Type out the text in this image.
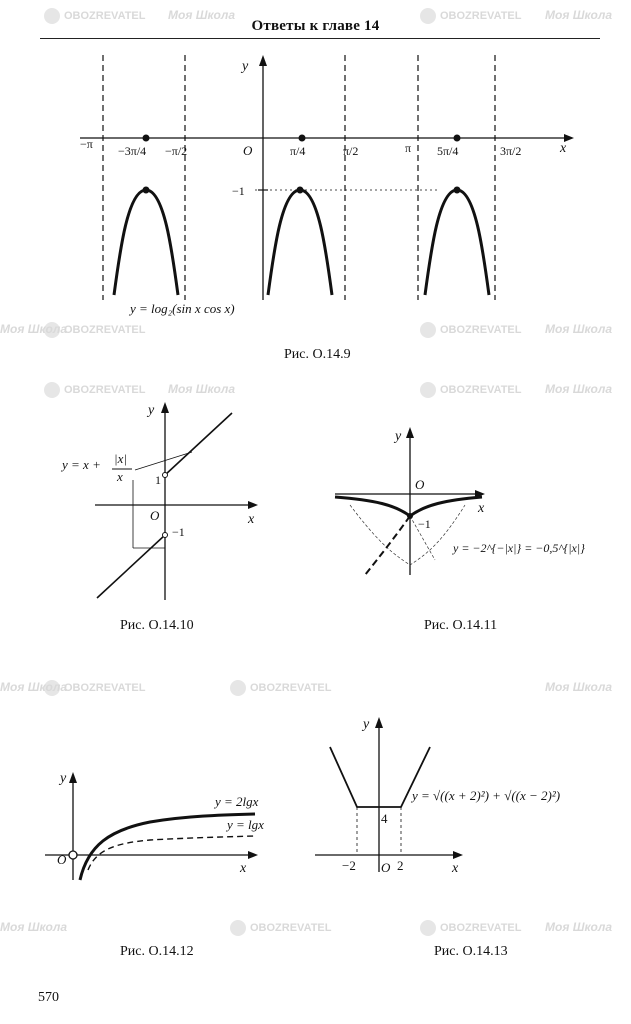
OBOZREVATEL Моя Школа	OBOZREVATEL Моя Школа
OBOZREVATEL
Моя Школа	OBOZREVATEL Моя Школа
OBOZREVATEL Моя Школа	OBOZREVATEL Моя Школа
OBOZREVATEL
Моя Школа	OBOZREVATEL	Моя Школа
OBOZREVATEL	OBOZREVATEL Моя Школа
Моя Школа
Ответы к главе 14
x
y
O
−π −3π/4 −π/2	π/4	π/2	π 5π/4	3π/2
−1
y = log₂(sin x cos x)
Рис. O.14.9
x
y
O
1
−1
y = x + |x|
x
Рис. O.14.10
x
y
O
−1
y = −2^{−|x|} = −0,5^{|x|}
Рис. O.14.11
x
y
O
y = 2lgx
y = lgx
Рис. O.14.12
x
y
O
4
−2	2
y = √((x + 2)²) + √((x − 2)²)
Рис. O.14.13
570
